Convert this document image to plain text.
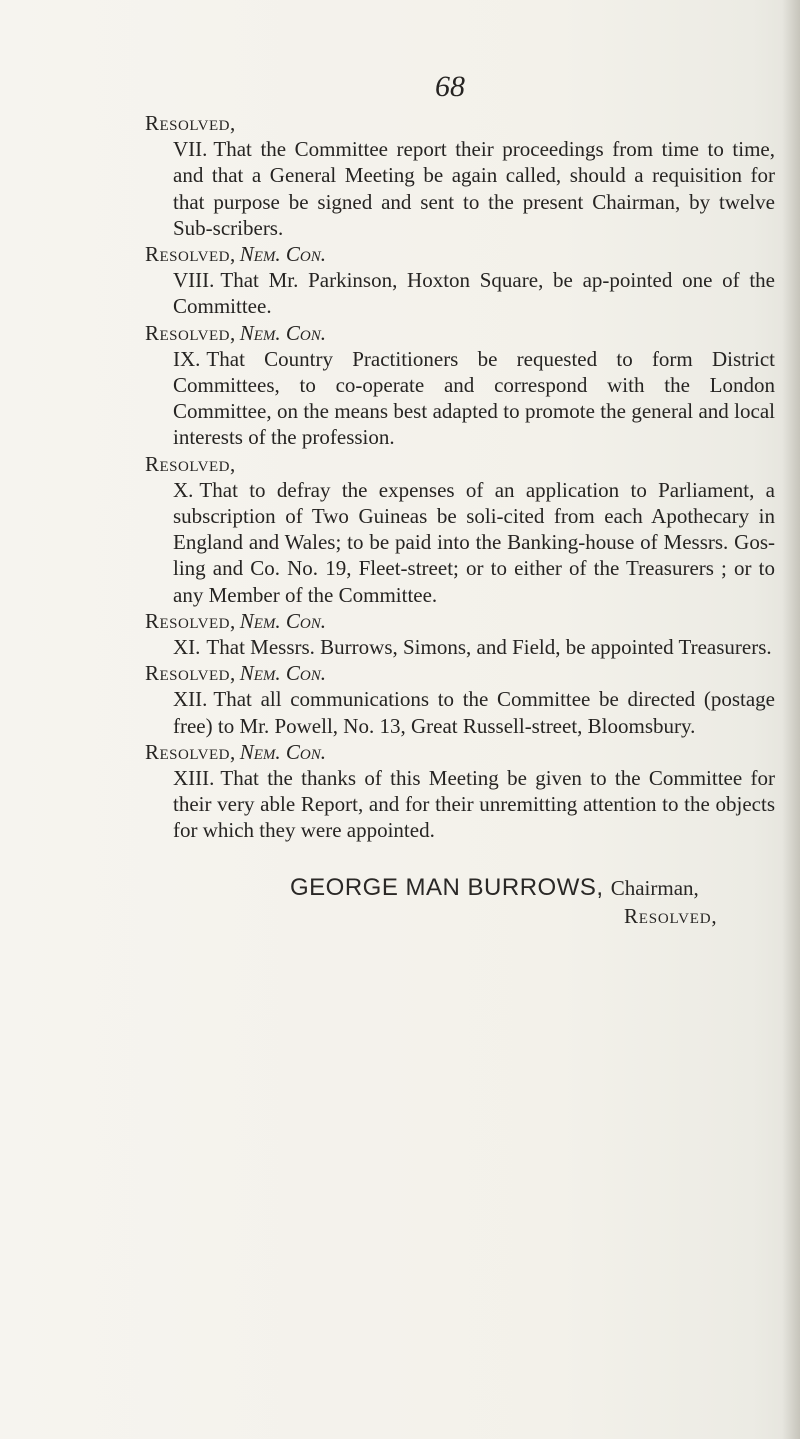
68

Resolved,

VII. That the Committee report their proceedings from time to time, and that a General Meeting be again called, should a requisition for that purpose be signed and sent to the present Chairman, by twelve Sub-scribers.

Resolved, Nem. Con.

VIII. That Mr. Parkinson, Hoxton Square, be ap-pointed one of the Committee.

Resolved, Nem. Con.

IX. That Country Practitioners be requested to form District Committees, to co-operate and correspond with the London Committee, on the means best adapted to promote the general and local interests of the profession.

Resolved,

X. That to defray the expenses of an application to Parliament, a subscription of Two Guineas be soli-cited from each Apothecary in England and Wales; to be paid into the Banking-house of Messrs. Gos-ling and Co. No. 19, Fleet-street; or to either of the Treasurers ; or to any Member of the Committee.

Resolved, Nem. Con.

XI. That Messrs. Burrows, Simons, and Field, be appointed Treasurers.

Resolved, Nem. Con.

XII. That all communications to the Committee be directed (postage free) to Mr. Powell, No. 13, Great Russell-street, Bloomsbury.

Resolved, Nem. Con.

XIII. That the thanks of this Meeting be given to the Committee for their very able Report, and for their unremitting attention to the objects for which they were appointed.

GEORGE MAN BURROWS, Chairman,
Resolved,
